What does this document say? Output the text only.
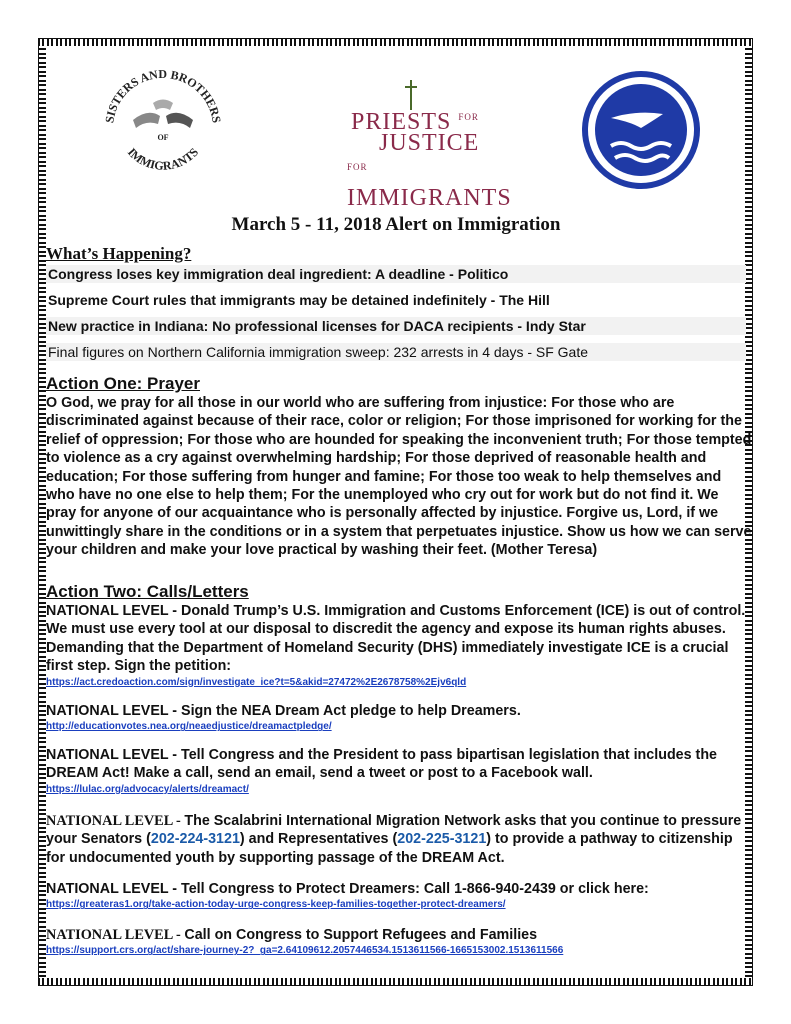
SISTERS AND BROTHERS
IMMIGRANTS
OF
PRIESTS $^{FOR}$
JUSTICE
$^{FOR}$ IMMIGRANTS
March 5 - 11, 2018 Alert on Immigration
What’s Happening?
Congress loses key immigration deal ingredient: A deadline - Politico
Supreme Court rules that immigrants may be detained indefinitely - The Hill
New practice in Indiana: No professional licenses for DACA recipients - Indy Star
Final figures on Northern California immigration sweep: 232 arrests in 4 days - SF Gate
Action One: Prayer
O God, we pray for all those in our world who are suffering from injustice: For those who are discriminated against because of their race, color or religion; For those imprisoned for working for the relief of oppression; For those who are hounded for speaking the inconvenient truth; For those tempted to violence as a cry against overwhelming hardship; For those deprived of reasonable health and education; For those suffering from hunger and famine; For those too weak to help themselves and who have no one else to help them; For the unemployed who cry out for work but do not find it. We pray for anyone of our acquaintance who is personally affected by injustice. Forgive us, Lord, if we unwittingly share in the conditions or in a system that perpetuates injustice. Show us how we can serve your children and make your love practical by washing their feet. (Mother Teresa)
Action Two: Calls/Letters
NATIONAL LEVEL - Donald Trump’s U.S. Immigration and Customs Enforcement (ICE) is out of control. We must use every tool at our disposal to discredit the agency and expose its human rights abuses. Demanding that the Department of Homeland Security (DHS) immediately investigate ICE is a crucial first step. Sign the petition:
https://act.credoaction.com/sign/investigate_ice?t=5&akid=27472%2E2678758%2Ejv6qld
NATIONAL LEVEL - Sign the NEA Dream Act pledge to help Dreamers.
http://educationvotes.nea.org/neaedjustice/dreamactpledge/
NATIONAL LEVEL - Tell Congress and the President to pass bipartisan legislation that includes the DREAM Act! Make a call, send an email, send a tweet or post to a Facebook wall.
https://lulac.org/advocacy/alerts/dreamact/
NATIONAL LEVEL - The Scalabrini International Migration Network asks that you continue to pressure your Senators (202-224-3121) and Representatives (202-225-3121) to provide a pathway to citizenship for undocumented youth by supporting passage of the DREAM Act.
NATIONAL LEVEL - Tell Congress to Protect Dreamers: Call 1-866-940-2439 or click here:
https://greateras1.org/take-action-today-urge-congress-keep-families-together-protect-dreamers/
NATIONAL LEVEL - Call on Congress to Support Refugees and Families
https://support.crs.org/act/share-journey-2?_ga=2.64109612.2057446534.1513611566-1665153002.1513611566
